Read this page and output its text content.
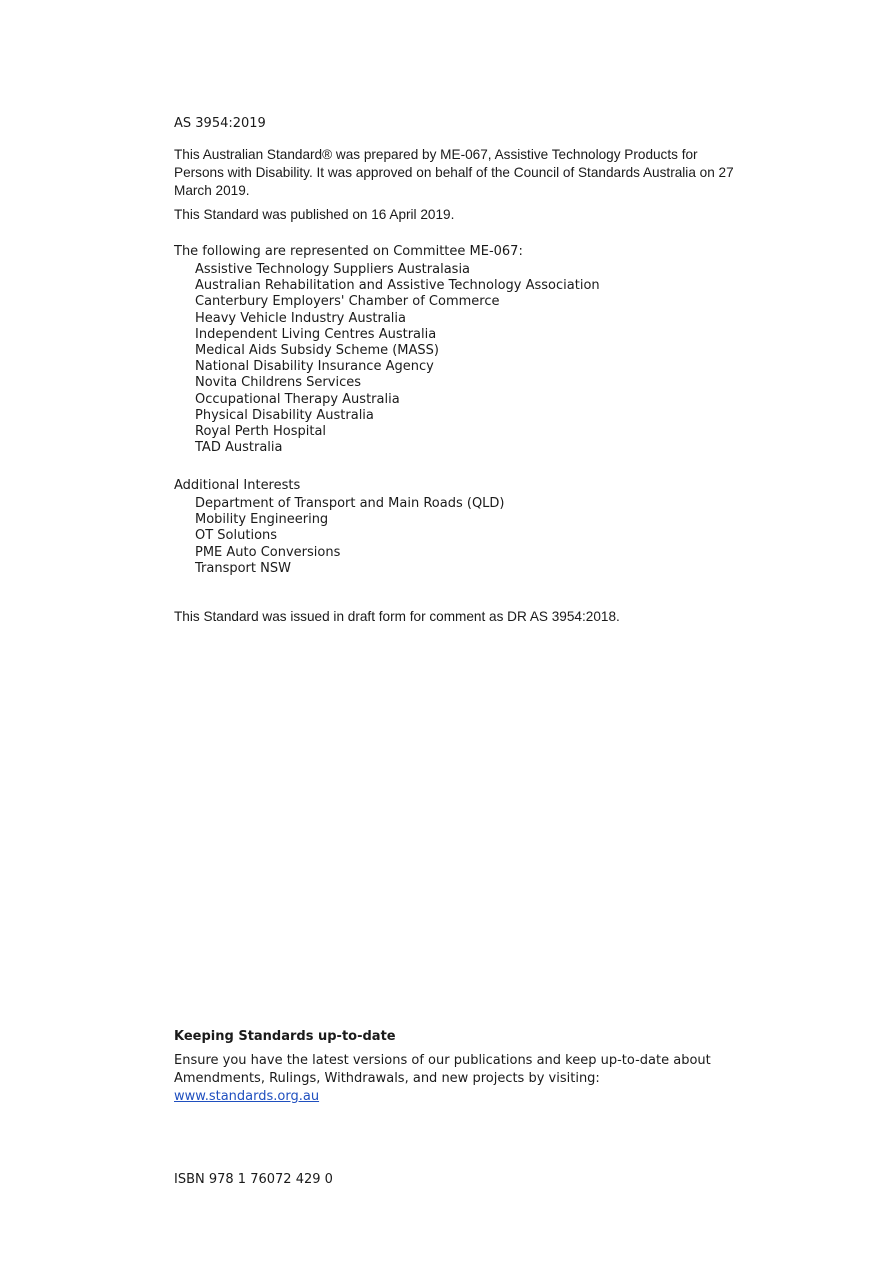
AS 3954:2019
This Australian Standard® was prepared by ME-067, Assistive Technology Products for Persons with Disability. It was approved on behalf of the Council of Standards Australia on 27 March 2019.
This Standard was published on 16 April 2019.
The following are represented on Committee ME-067:
Assistive Technology Suppliers Australasia
Australian Rehabilitation and Assistive Technology Association
Canterbury Employers' Chamber of Commerce
Heavy Vehicle Industry Australia
Independent Living Centres Australia
Medical Aids Subsidy Scheme (MASS)
National Disability Insurance Agency
Novita Childrens Services
Occupational Therapy Australia
Physical Disability Australia
Royal Perth Hospital
TAD Australia
Additional Interests
Department of Transport and Main Roads (QLD)
Mobility Engineering
OT Solutions
PME Auto Conversions
Transport NSW
This Standard was issued in draft form for comment as DR AS 3954:2018.
Keeping Standards up-to-date
Ensure you have the latest versions of our publications and keep up-to-date about Amendments, Rulings, Withdrawals, and new projects by visiting:
www.standards.org.au
ISBN 978 1 76072 429 0
